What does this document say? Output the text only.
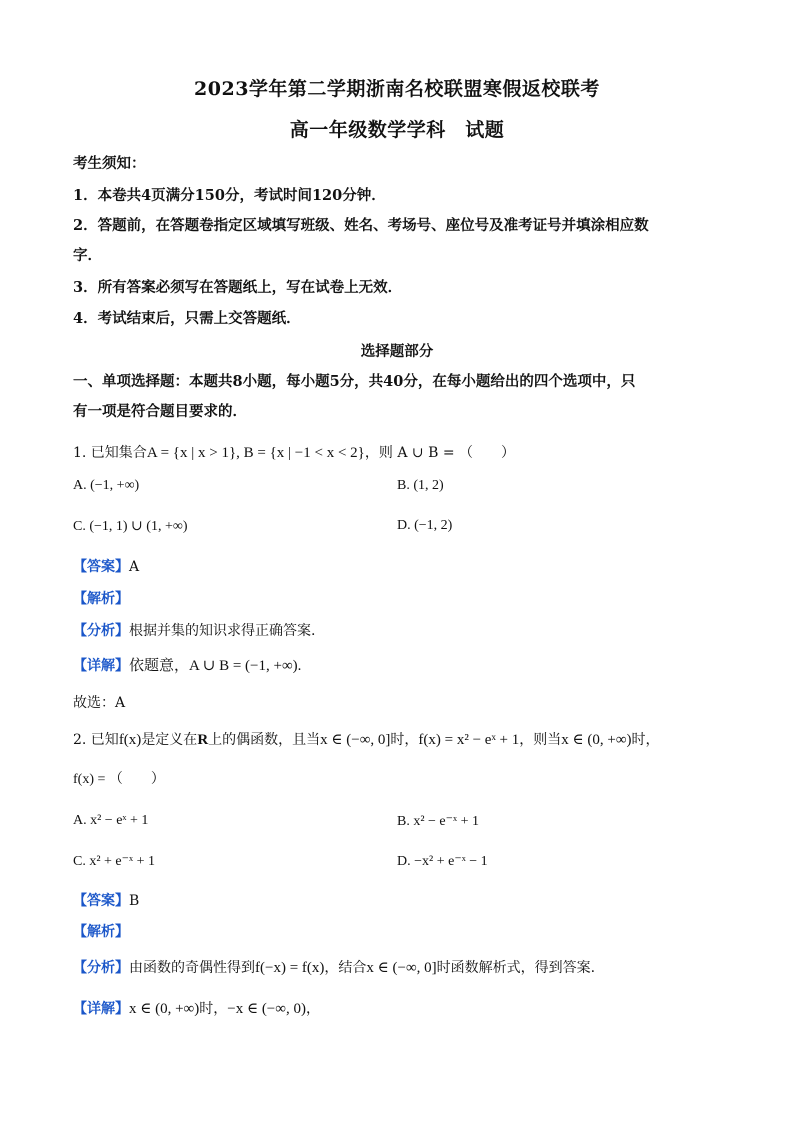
2023学年第二学期浙南名校联盟寒假返校联考
高一年级数学学科　试题
考生须知：
1．本卷共4页满分150分，考试时间120分钟．
2．答题前，在答题卷指定区域填写班级、姓名、考场号、座位号及准考证号并填涂相应数
字．
3．所有答案必须写在答题纸上，写在试卷上无效．
4．考试结束后，只需上交答题纸．
选择题部分
一、单项选择题：本题共8小题，每小题5分，共40分，在每小题给出的四个选项中，只
有一项是符合题目要求的．
1. 已知集合A = {x | x > 1}, B = {x | −1 < x < 2}，则 A ∪ B = （　　）
A. (−1, +∞)	B. (1, 2)
C. (−1, 1) ∪ (1, +∞)	D. (−1, 2)
【答案】A
【解析】
【分析】根据并集的知识求得正确答案.
【详解】依题意，A ∪ B = (−1, +∞).
故选：A
2. 已知f(x)是定义在R上的偶函数，且当x ∈ (−∞, 0]时，f(x) = x² − eˣ + 1，则当x ∈ (0, +∞)时，
f(x) = （　　）
A. x² − eˣ + 1	B. x² − e⁻ˣ + 1
C. x² + e⁻ˣ + 1	D. −x² + e⁻ˣ − 1
【答案】B
【解析】
【分析】由函数的奇偶性得到f(−x) = f(x)，结合x ∈ (−∞, 0]时函数解析式，得到答案.
【详解】x ∈ (0, +∞)时，−x ∈ (−∞, 0)，
